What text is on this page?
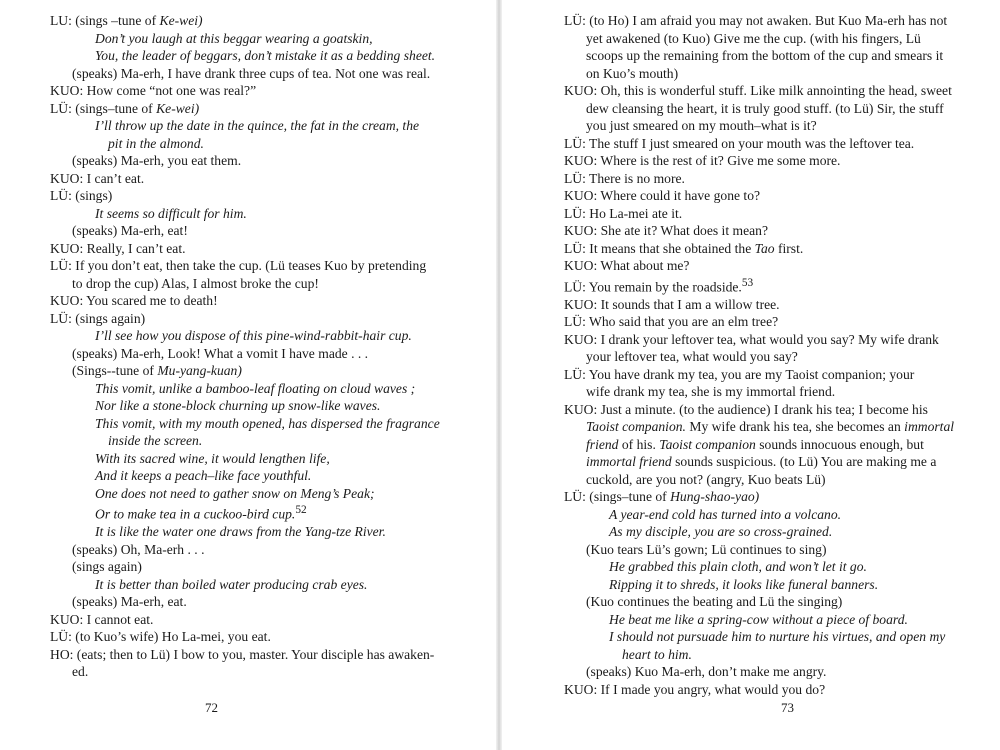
LU: (sings –tune of Ke-wei)
Don’t you laugh at this beggar wearing a goatskin,
You, the leader of beggars, don’t mistake it as a bedding sheet.
(speaks) Ma-erh, I have drank three cups of tea. Not one was real.
KUO: How come “not one was real?”
LÜ: (sings–tune of Ke-wei)
I’ll throw up the date in the quince, the fat in the cream, the
pit in the almond.
(speaks) Ma-erh, you eat them.
KUO: I can’t eat.
LÜ: (sings)
It seems so difficult for him.
(speaks) Ma-erh, eat!
KUO: Really, I can’t eat.
LÜ: If you don’t eat, then take the cup. (Lü teases Kuo by pretending
to drop the cup) Alas, I almost broke the cup!
KUO: You scared me to death!
LÜ: (sings again)
I’ll see how you dispose of this pine-wind-rabbit-hair cup.
(speaks) Ma-erh, Look! What a vomit I have made . . .
(Sings--tune of Mu-yang-kuan)
This vomit, unlike a bamboo-leaf floating on cloud waves ;
Nor like a stone-block churning up snow-like waves.
This vomit, with my mouth opened, has dispersed the fragrance
inside the screen.
With its sacred wine, it would lengthen life,
And it keeps a peach–like face youthful.
One does not need to gather snow on Meng’s Peak;
Or to make tea in a cuckoo-bird cup.$^{52}$
It is like the water one draws from the Yang-tze River.
(speaks) Oh, Ma-erh . . .
(sings again)
It is better than boiled water producing crab eyes.
(speaks) Ma-erh, eat.
KUO: I cannot eat.
LÜ: (to Kuo’s wife) Ho La-mei, you eat.
HO: (eats; then to Lü) I bow to you, master. Your disciple has awaken-
ed.
72
LÜ: (to Ho) I am afraid you may not awaken. But Kuo Ma-erh has not
yet awakened (to Kuo) Give me the cup. (with his fingers, Lü
scoops up the remaining from the bottom of the cup and smears it
on Kuo’s mouth)
KUO: Oh, this is wonderful stuff. Like milk annointing the head, sweet
dew cleansing the heart, it is truly good stuff. (to Lü) Sir, the stuff
you just smeared on my mouth–what is it?
LÜ: The stuff I just smeared on your mouth was the leftover tea.
KUO: Where is the rest of it? Give me some more.
LÜ: There is no more.
KUO: Where could it have gone to?
LÜ: Ho La-mei ate it.
KUO: She ate it? What does it mean?
LÜ: It means that she obtained the Tao first.
KUO: What about me?
LÜ: You remain by the roadside.$^{53}$
KUO: It sounds that I am a willow tree.
LÜ: Who said that you are an elm tree?
KUO: I drank your leftover tea, what would you say? My wife drank
your leftover tea, what would you say?
LÜ: You have drank my tea, you are my Taoist companion; your
wife drank my tea, she is my immortal friend.
KUO: Just a minute. (to the audience) I drank his tea; I become his
Taoist companion. My wife drank his tea, she becomes an immortal
friend of his. Taoist companion sounds innocuous enough, but
immortal friend sounds suspicious. (to Lü) You are making me a
cuckold, are you not? (angry, Kuo beats Lü)
LÜ: (sings–tune of Hung-shao-yao)
A year-end cold has turned into a volcano.
As my disciple, you are so cross-grained.
(Kuo tears Lü’s gown; Lü continues to sing)
He grabbed this plain cloth, and won’t let it go.
Ripping it to shreds, it looks like funeral banners.
(Kuo continues the beating and Lü the singing)
He beat me like a spring-cow without a piece of board.
I should not pursuade him to nurture his virtues, and open my
heart to him.
(speaks) Kuo Ma-erh, don’t make me angry.
KUO: If I made you angry, what would you do?
73
